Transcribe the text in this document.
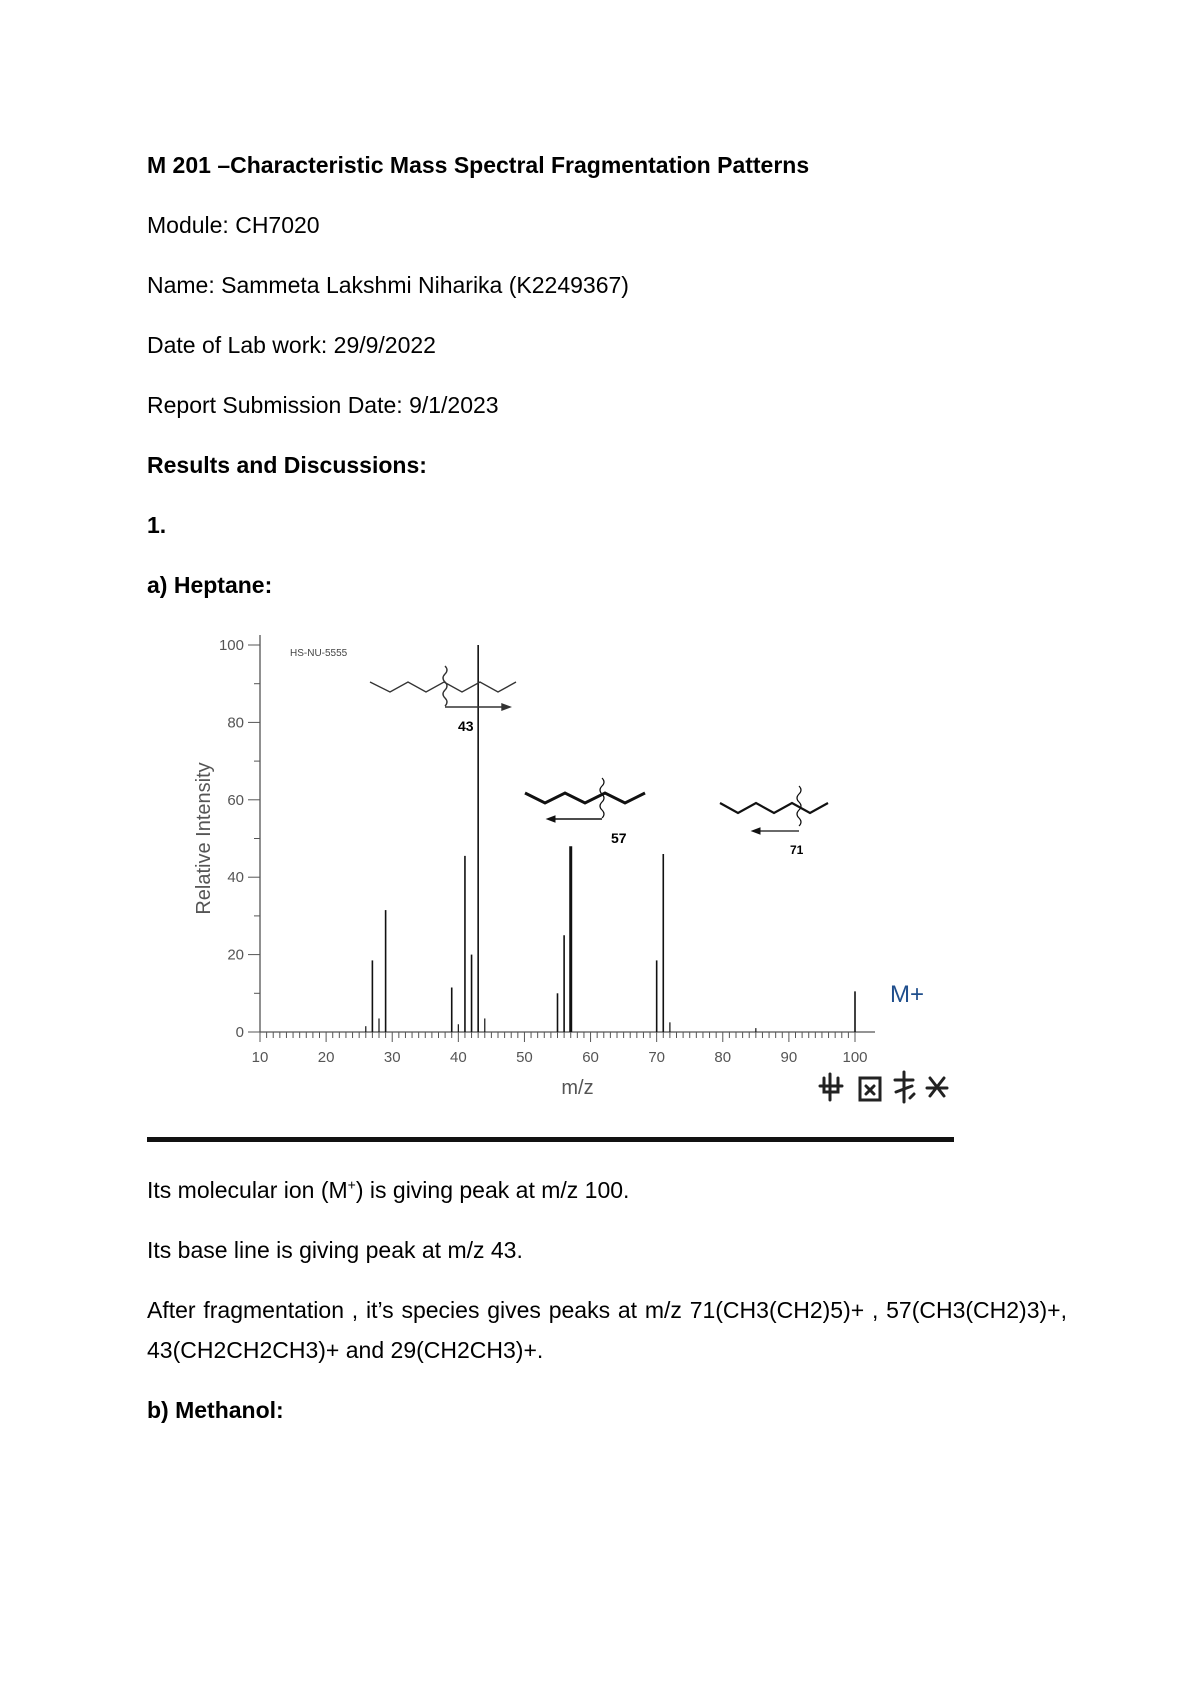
M 201 –Characteristic Mass Spectral Fragmentation Patterns
Module: CH7020
Name: Sammeta Lakshmi Niharika (K2249367)
Date of Lab work: 29/9/2022
Report Submission Date: 9/1/2023
Results and Discussions:
1.
a) Heptane:
0
20
40
60
80
100
10	20	30	40	50	60	70	80	90	100
m/z
Relative Intensity
43
57
71
HS-NU-5555
M+
Its molecular ion (M+) is giving peak at m/z 100.
Its base line is giving peak at m/z 43.
After fragmentation , it’s species gives peaks at m/z 71(CH3(CH2)5)+ , 57(CH3(CH2)3)+, 43(CH2CH2CH3)+ and 29(CH2CH3)+.
b) Methanol:
